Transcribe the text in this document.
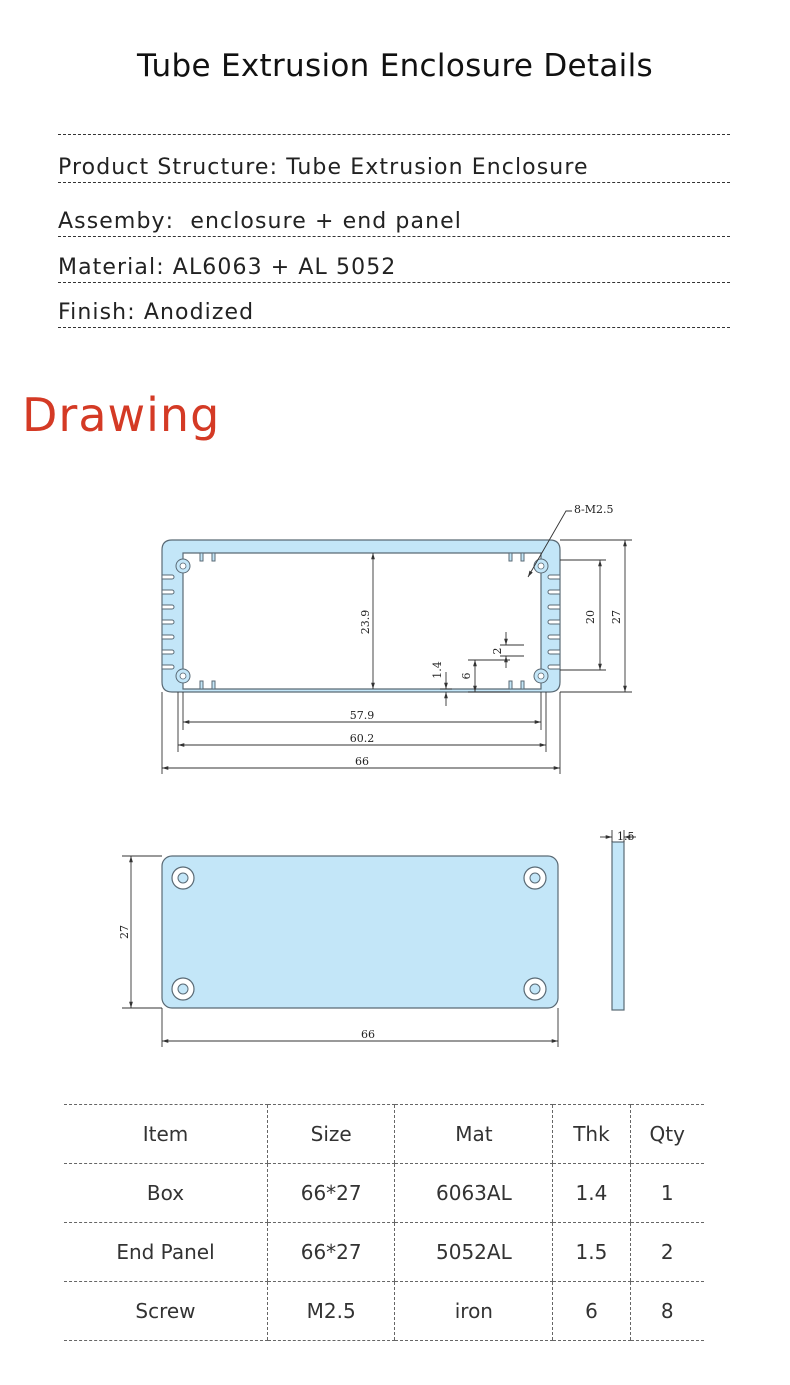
Tube Extrusion Enclosure Details
Product Structure: Tube Extrusion Enclosure
Assemby: enclosure + end panel
Material: AL6063 + AL 5052
Finish: Anodized
Drawing
8-M2.5
23.9	20 27
2
6
1.4
57.9
60.2
66
27
66
1.5
Item	Size	Mat	Thk	Qty
Box	66*27	6063AL	1.4	1
End Panel	66*27	5052AL	1.5	2
Screw	M2.5	iron	6	8
